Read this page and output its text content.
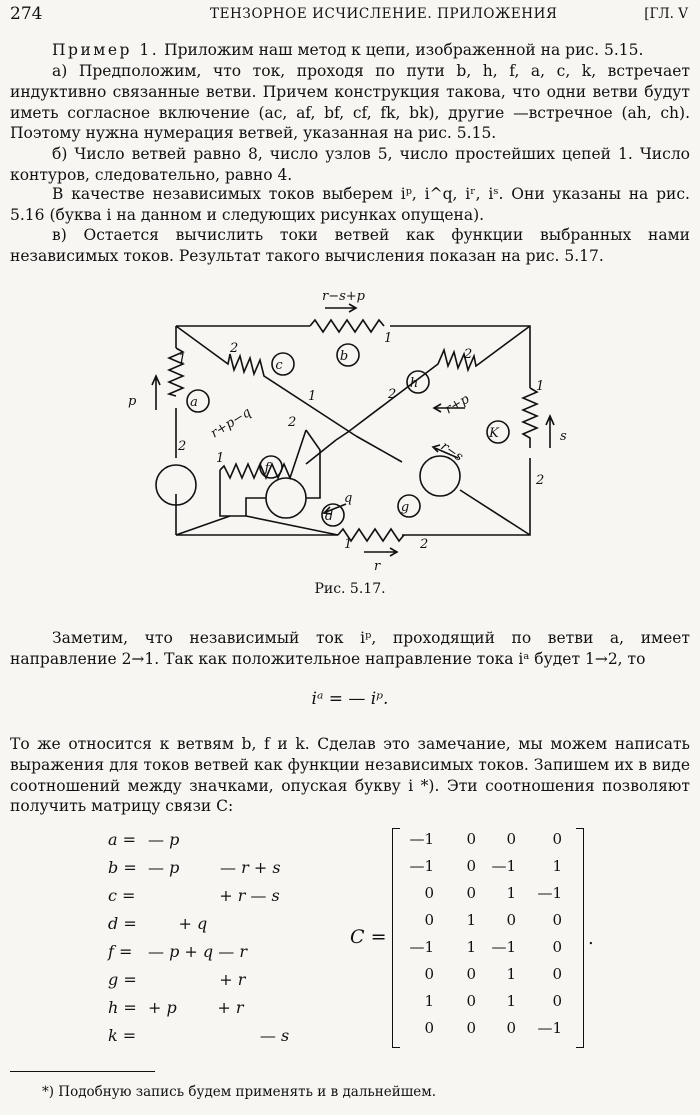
274	ТЕНЗОРНОЕ ИСЧИСЛЕНИЕ. ПРИЛОЖЕНИЯ	[ГЛ. V
Пример 1. Приложим наш метод к цепи, изображенной на рис. 5.15.
а) Предположим, что ток, проходя по пути b, h, f, a, c, k, встречает индуктивно связанные ветви. Причем конструкция такова, что одни ветви будут иметь согласное включение (ac, af, bf, cf, fk, bk), другие —встречное (ah, ch). Поэтому нужна нумерация ветвей, указанная на рис. 5.15.
б) Число ветвей равно 8, число узлов 5, число простейших цепей 1. Число контуров, следовательно, равно 4.
В качестве независимых токов выберем iᵖ, i^q, iʳ, iˢ. Они указаны на рис. 5.16 (буква i на данном и следующих рисунках опущена).
в) Остается вычислить токи ветвей как функции выбранных нами независимых токов. Результат такого вычисления показан на рис. 5.17.
r−s+p
p
s
r
r+p−q
r+p
r−s
q
b
a
c
h
K
f
d
g
1
2
2
1
1	2
2
1
2
2
1
1	2
Рис. 5.17.
Заметим, что независимый ток iᵖ, проходящий по ветви a, имеет направление 2→1. Так как положительное направление тока iᵃ будет 1→2, то
iᵃ = — iᵖ.
То же относится к ветвям b, f и k. Сделав это замечание, мы можем написать выражения для токов ветвей как функции независимых токов. Запишем их в виде соотношений между значками, опуская букву i *). Эти соотношения позволяют получить матрицу связи C:
a = — p
b = — p        — r + s
c = + r — s
d = + q
f = — p + q — r
g = + r
h = + p        + r
k = — s
C =
—1	0	0	0
—1	0	—1	1
0	0	1	—1
0	1	0	0
—1	1	—1	0
0	0	1	0
1	0	1	0
0	0	0	—1
.
*) Подобную запись будем применять и в дальнейшем.
